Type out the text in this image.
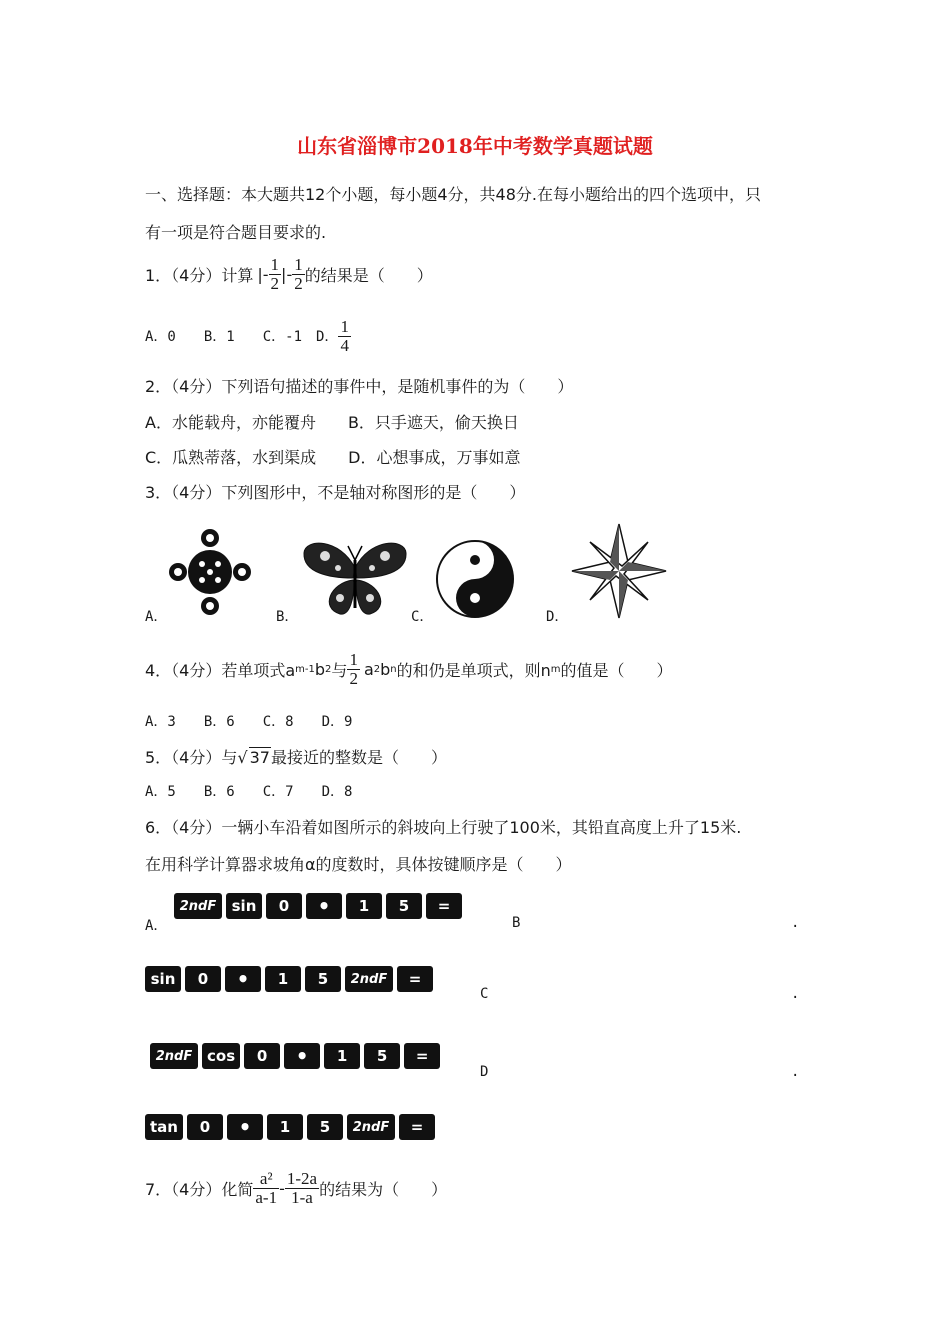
山东省淄博市2018年中考数学真题试题
一、选择题：本大题共12个小题，每小题4分，共48分.在每小题给出的四个选项中，只
有一项是符合题目要求的.
1．（4分）计算 |- $\frac{1}{2}$ |- $\frac{1}{2}$ 的结果是（　　）
A．0　　B．1　　C．-1　D． $\frac{1}{4}$
2．（4分）下列语句描述的事件中，是随机事件的为（　　）
A．水能载舟，亦能覆舟　　B．只手遮天，偷天换日
C．瓜熟蒂落，水到渠成　　D．心想事成，万事如意
3．（4分）下列图形中，不是轴对称图形的是（　　）
A．	B．	C．	D．
4．（4分）若单项式a m-1 b 2 与 $\frac{1}{2}$ a 2 b n 的和仍是单项式，则n m 的值是（　　）
A．3　　B．6　　C．8　　D．9
5．（4分）与√ 37最接近的整数是（　　）
A．5　　B．6　　C．7　　D．8
6．（4分）一辆小车沿着如图所示的斜坡向上行驶了100米，其铅直高度上升了15米.
在用科学计算器求坡角α的度数时，具体按键顺序是（　　）
A．
2ndF	sin	0	•	1	5	=
B	.
sin	0	•	1	5	2ndF	=
C	.
2ndF cos	0	•	1	5	=
D	.
tan	0	•	1	5	2ndF	=
7．（4分）化简 $\frac{\text{a²}}{a-1} - \frac{1-2a}{1-a}$ 的结果为（　　）
